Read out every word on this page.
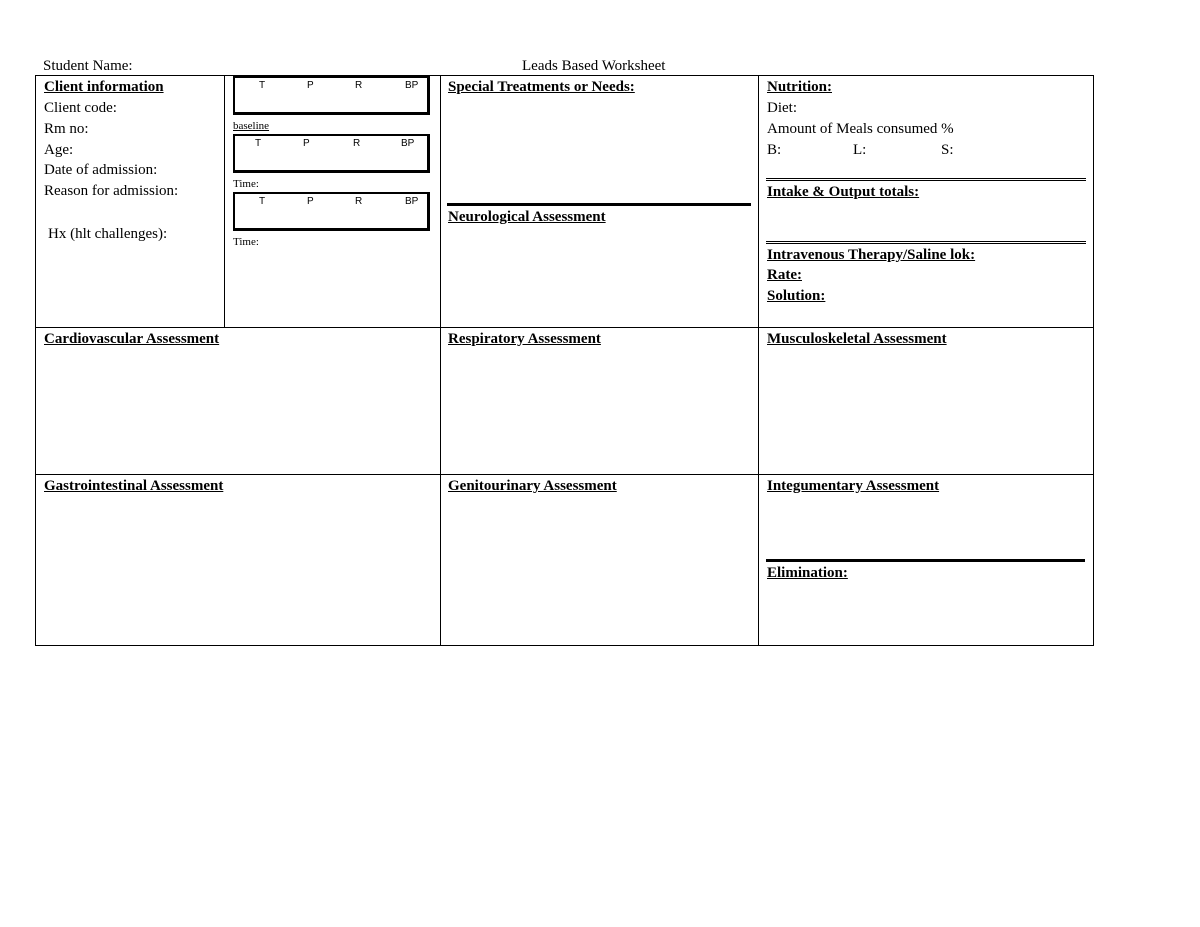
Student Name:	Leads Based Worksheet
Client information
Client code:
Rm no:
Age:
Date of admission:
Reason for admission:
Hx (hlt challenges):
T	P	R	BP
baseline
T	P	R	BP
Time:
T	P	R	BP
Time:
Special Treatments or Needs:
Neurological Assessment
Nutrition:
Diet:
Amount of Meals consumed %
B:	L:	S:
Intake & Output totals:
Intravenous Therapy/Saline lok:
Rate:
Solution:
Cardiovascular Assessment	Respiratory Assessment	Musculoskeletal Assessment
Gastrointestinal Assessment	Genitourinary Assessment	Integumentary Assessment
Elimination:
